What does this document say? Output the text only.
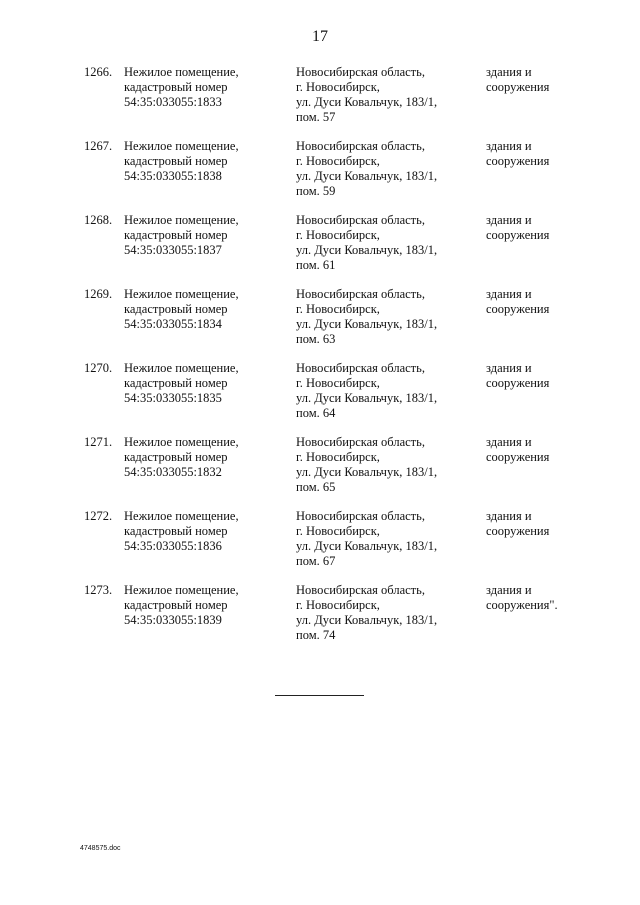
17
1266. Нежилое помещение,
кадастровый номер
54:35:033055:1833
Новосибирская область,
г. Новосибирск,
ул. Дуси Ковальчук, 183/1,
пом. 57
здания и
сооружения
1267. Нежилое помещение,
кадастровый номер
54:35:033055:1838
Новосибирская область,
г. Новосибирск,
ул. Дуси Ковальчук, 183/1,
пом. 59
здания и
сооружения
1268. Нежилое помещение,
кадастровый номер
54:35:033055:1837
Новосибирская область,
г. Новосибирск,
ул. Дуси Ковальчук, 183/1,
пом. 61
здания и
сооружения
1269. Нежилое помещение,
кадастровый номер
54:35:033055:1834
Новосибирская область,
г. Новосибирск,
ул. Дуси Ковальчук, 183/1,
пом. 63
здания и
сооружения
1270. Нежилое помещение,
кадастровый номер
54:35:033055:1835
Новосибирская область,
г. Новосибирск,
ул. Дуси Ковальчук, 183/1,
пом. 64
здания и
сооружения
1271. Нежилое помещение,
кадастровый номер
54:35:033055:1832
Новосибирская область,
г. Новосибирск,
ул. Дуси Ковальчук, 183/1,
пом. 65
здания и
сооружения
1272. Нежилое помещение,
кадастровый номер
54:35:033055:1836
Новосибирская область,
г. Новосибирск,
ул. Дуси Ковальчук, 183/1,
пом. 67
здания и
сооружения
1273. Нежилое помещение,
кадастровый номер
54:35:033055:1839
Новосибирская область,
г. Новосибирск,
ул. Дуси Ковальчук, 183/1,
пом. 74
здания и
сооружения".
4748575.doc
